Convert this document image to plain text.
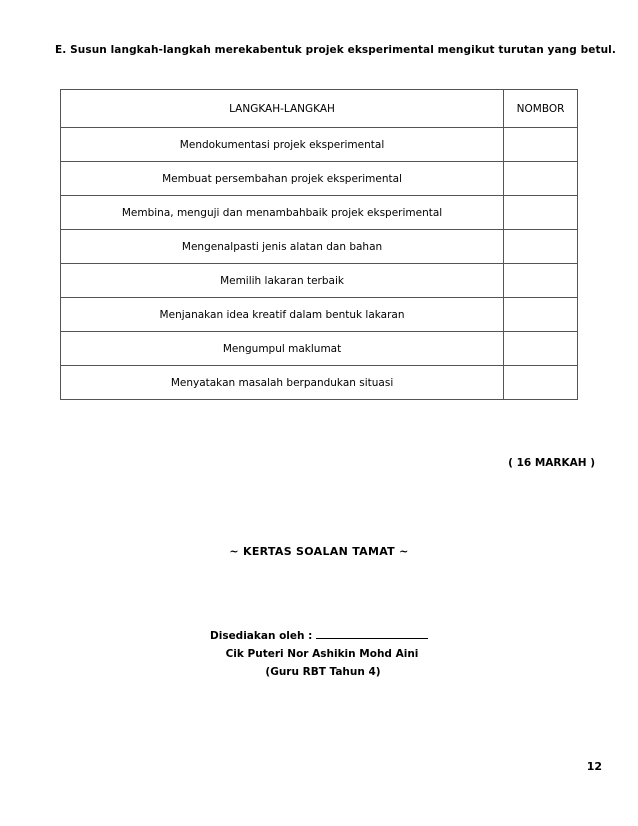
E. Susun langkah-langkah merekabentuk projek eksperimental mengikut turutan yang betul.
LANGKAH-LANGKAH	NOMBOR
Mendokumentasi projek eksperimental	
Membuat persembahan projek eksperimental	
Membina, menguji dan menambahbaik projek eksperimental	
Mengenalpasti jenis alatan dan bahan	
Memilih lakaran terbaik	
Menjanakan idea kreatif dalam bentuk lakaran	
Mengumpul maklumat	
Menyatakan masalah berpandukan situasi	
( 16 MARKAH )
~ KERTAS SOALAN TAMAT ~
Disediakan oleh :
Cik Puteri Nor Ashikin Mohd Aini
(Guru RBT Tahun 4)
12
